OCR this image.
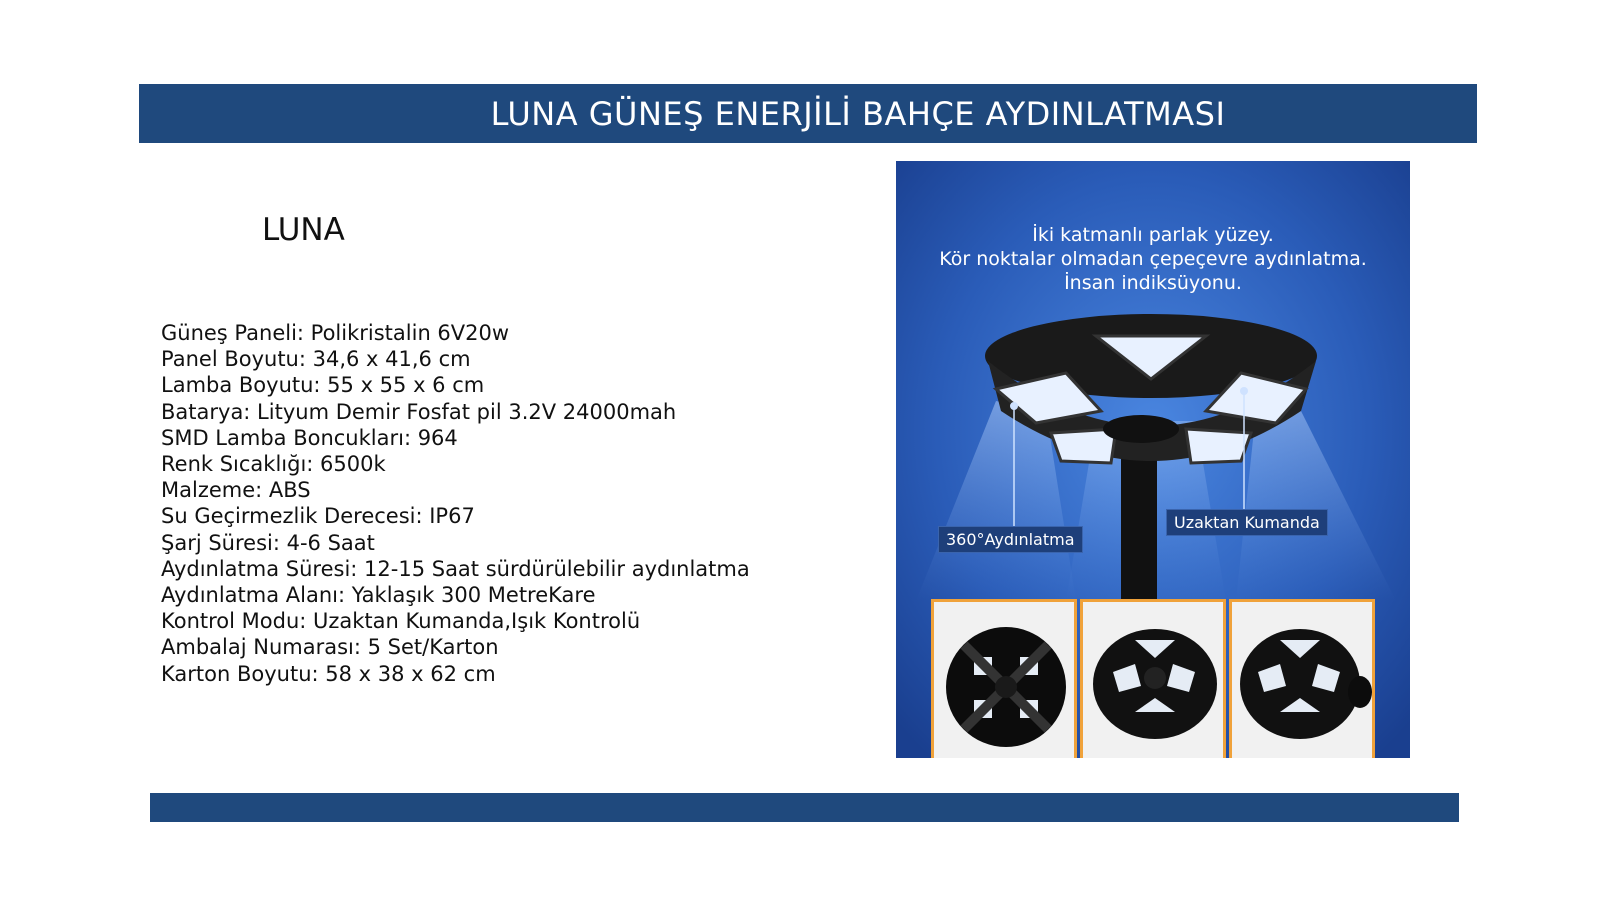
LUNA GÜNEŞ ENERJİLİ BAHÇE AYDINLATMASI
LUNA
Güneş Paneli: Polikristalin 6V20w
Panel Boyutu: 34,6 x 41,6 cm
Lamba Boyutu: 55 x 55 x 6 cm
Batarya: Lityum Demir Fosfat pil 3.2V 24000mah
SMD Lamba Boncukları: 964
Renk Sıcaklığı: 6500k
Malzeme: ABS
Su Geçirmezlik Derecesi: IP67
Şarj Süresi: 4-6 Saat
Aydınlatma Süresi: 12-15 Saat sürdürülebilir aydınlatma
Aydınlatma Alanı: Yaklaşık 300 MetreKare
Kontrol Modu: Uzaktan Kumanda,Işık Kontrolü
Ambalaj Numarası: 5 Set/Karton
Karton Boyutu: 58 x 38 x 62 cm
İki katmanlı parlak yüzey.
Kör noktalar olmadan çepeçevre aydınlatma.
İnsan indiksüyonu.
360°Aydınlatma
Uzaktan Kumanda
